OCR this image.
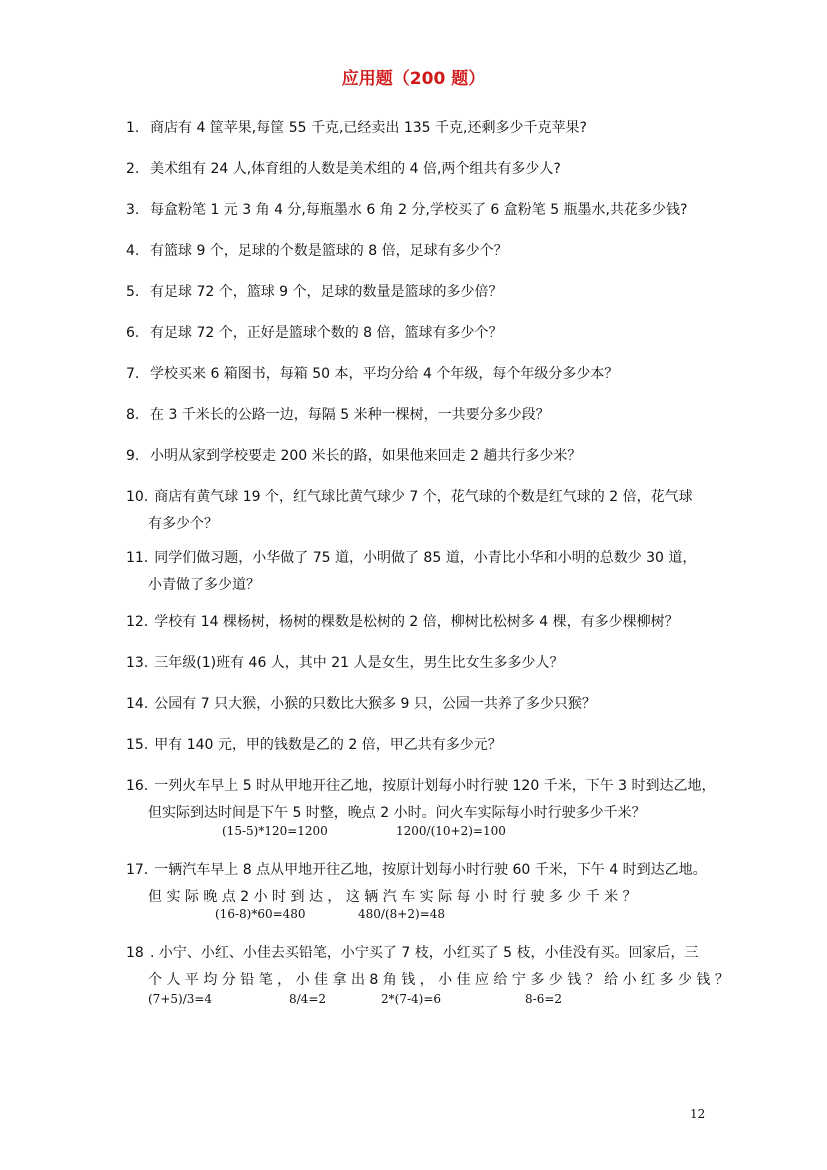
应用题（200 题）
1. 商店有 4 筐苹果,每筐 55 千克,已经卖出 135 千克,还剩多少千克苹果?
2. 美术组有 24 人,体育组的人数是美术组的 4 倍,两个组共有多少人?
3. 每盒粉笔 1 元 3 角 4 分,每瓶墨水 6 角 2 分,学校买了 6 盒粉笔 5 瓶墨水,共花多少钱?
4. 有篮球 9 个，足球的个数是篮球的 8 倍，足球有多少个？
5. 有足球 72 个，篮球 9 个，足球的数量是篮球的多少倍？
6. 有足球 72 个，正好是篮球个数的 8 倍，篮球有多少个？
7. 学校买来 6 箱图书，每箱 50 本，平均分给 4 个年级，每个年级分多少本？
8. 在 3 千米长的公路一边，每隔 5 米种一棵树，一共要分多少段？
9. 小明从家到学校要走 200 米长的路，如果他来回走 2 趟共行多少米？
10. 商店有黄气球 19 个，红气球比黄气球少 7 个，花气球的个数是红气球的 2 倍，花气球
有多少个？
11. 同学们做习题，小华做了 75 道，小明做了 85 道，小青比小华和小明的总数少 30 道，
小青做了多少道？
12. 学校有 14 棵杨树，杨树的棵数是松树的 2 倍，柳树比松树多 4 棵，有多少棵柳树？
13. 三年级(1)班有 46 人，其中 21 人是女生，男生比女生多多少人？
14. 公园有 7 只大猴，小猴的只数比大猴多 9 只，公园一共养了多少只猴？
15. 甲有 140 元，甲的钱数是乙的 2 倍，甲乙共有多少元？
16. 一列火车早上 5 时从甲地开往乙地，按原计划每小时行驶 120 千米，下午 3 时到达乙地，
但实际到达时间是下午 5 时整，晚点 2 小时。问火车实际每小时行驶多少千米？
17. 一辆汽车早上 8 点从甲地开往乙地，按原计划每小时行驶 60 千米，下午 4 时到达乙地。
但 实 际 晚 点 2 小 时 到 达 ， 这 辆 汽 车 实 际 每 小 时 行 驶 多 少 千 米 ？
18 . 小宁、小红、小佳去买铅笔，小宁买了 7 枝，小红买了 5 枝，小佳没有买。回家后，三
个 人 平 均 分 铅 笔 ， 小 佳 拿 出 8 角 钱 ， 小 佳 应 给 宁 多 少 钱 ？ 给 小 红 多 少 钱 ？
(15-5)*120=1200	1200/(10+2)=100
(16-8)*60=480	480/(8+2)=48
(7+5)/3=4	8/4=2	2*(7-4)=6	8-6=2
12
